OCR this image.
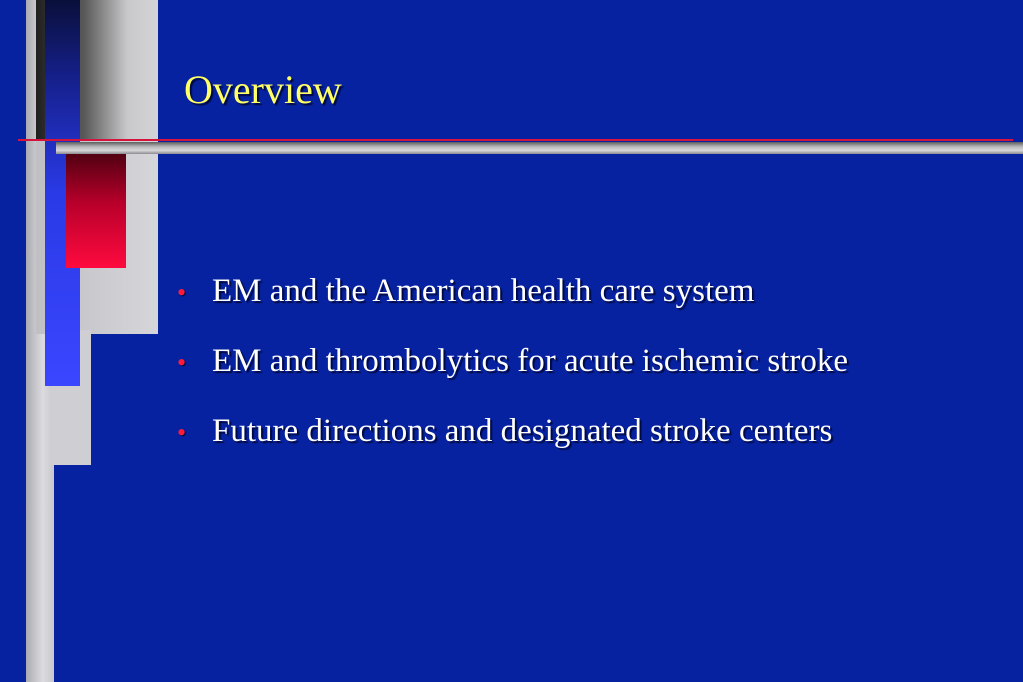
Overview
• EM and the American health care system
• EM and thrombolytics for acute ischemic stroke
• Future directions and designated stroke centers
